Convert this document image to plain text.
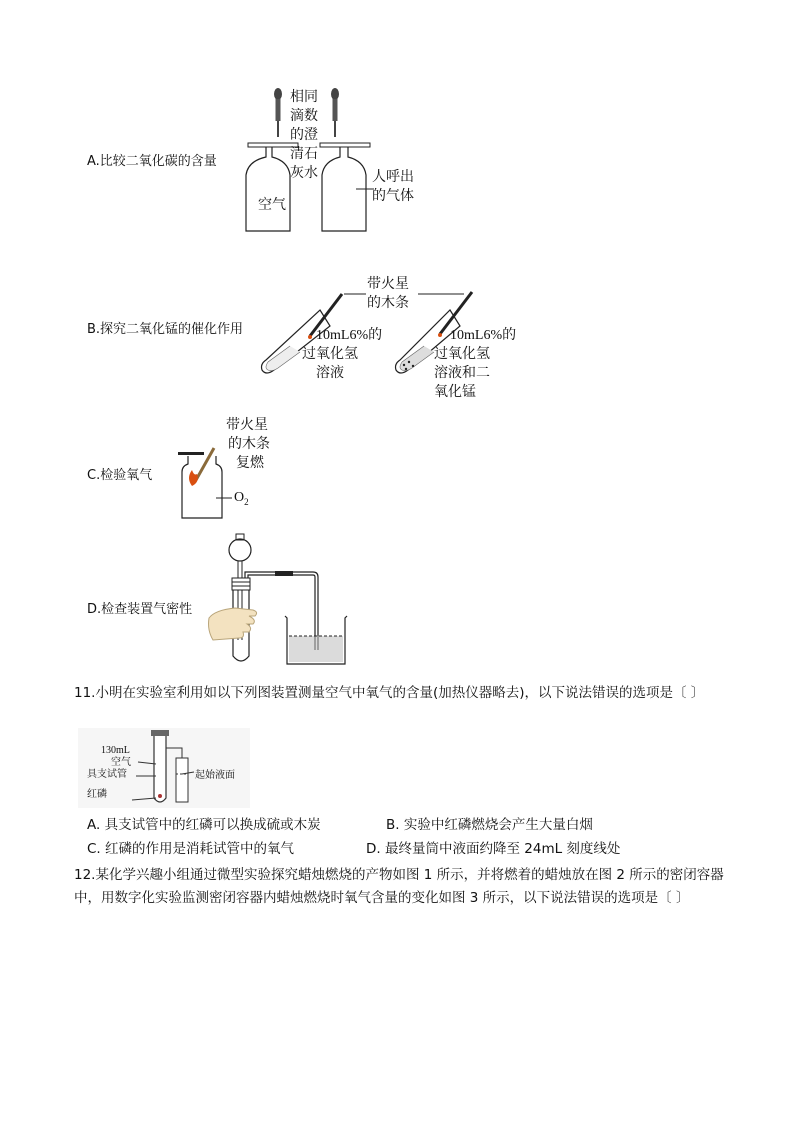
A.比较二氧化碳的含量
相同
滴数
的澄
清石
灰水
空气
人呼出
的气体
B.探究二氧化锰的催化作用
带火星
的木条
10mL6%的
过氧化氢
溶液
10mL6%的
过氧化氢
溶液和二
氧化锰
C.检验氧气
带火星
的木条
复燃
$O_2$
D.检查装置气密性
11.小明在实验室利用如以下列图装置测量空气中氧气的含量(加热仪器略去)，以下说法错误的选项是〔 〕
130mL
空气
具支试管
红磷
起始液面
A. 具支试管中的红磷可以换成硫或木炭	B. 实验中红磷燃烧会产生大量白烟
C. 红磷的作用是消耗试管中的氧气	D. 最终量筒中液面约降至 24mL 刻度线处
12.某化学兴趣小组通过微型实验探究蜡烛燃烧的产物如图 1 所示，并将燃着的蜡烛放在图 2 所示的密闭容器中，用数字化实验监测密闭容器内蜡烛燃烧时氧气含量的变化如图 3 所示，以下说法错误的选项是〔 〕
